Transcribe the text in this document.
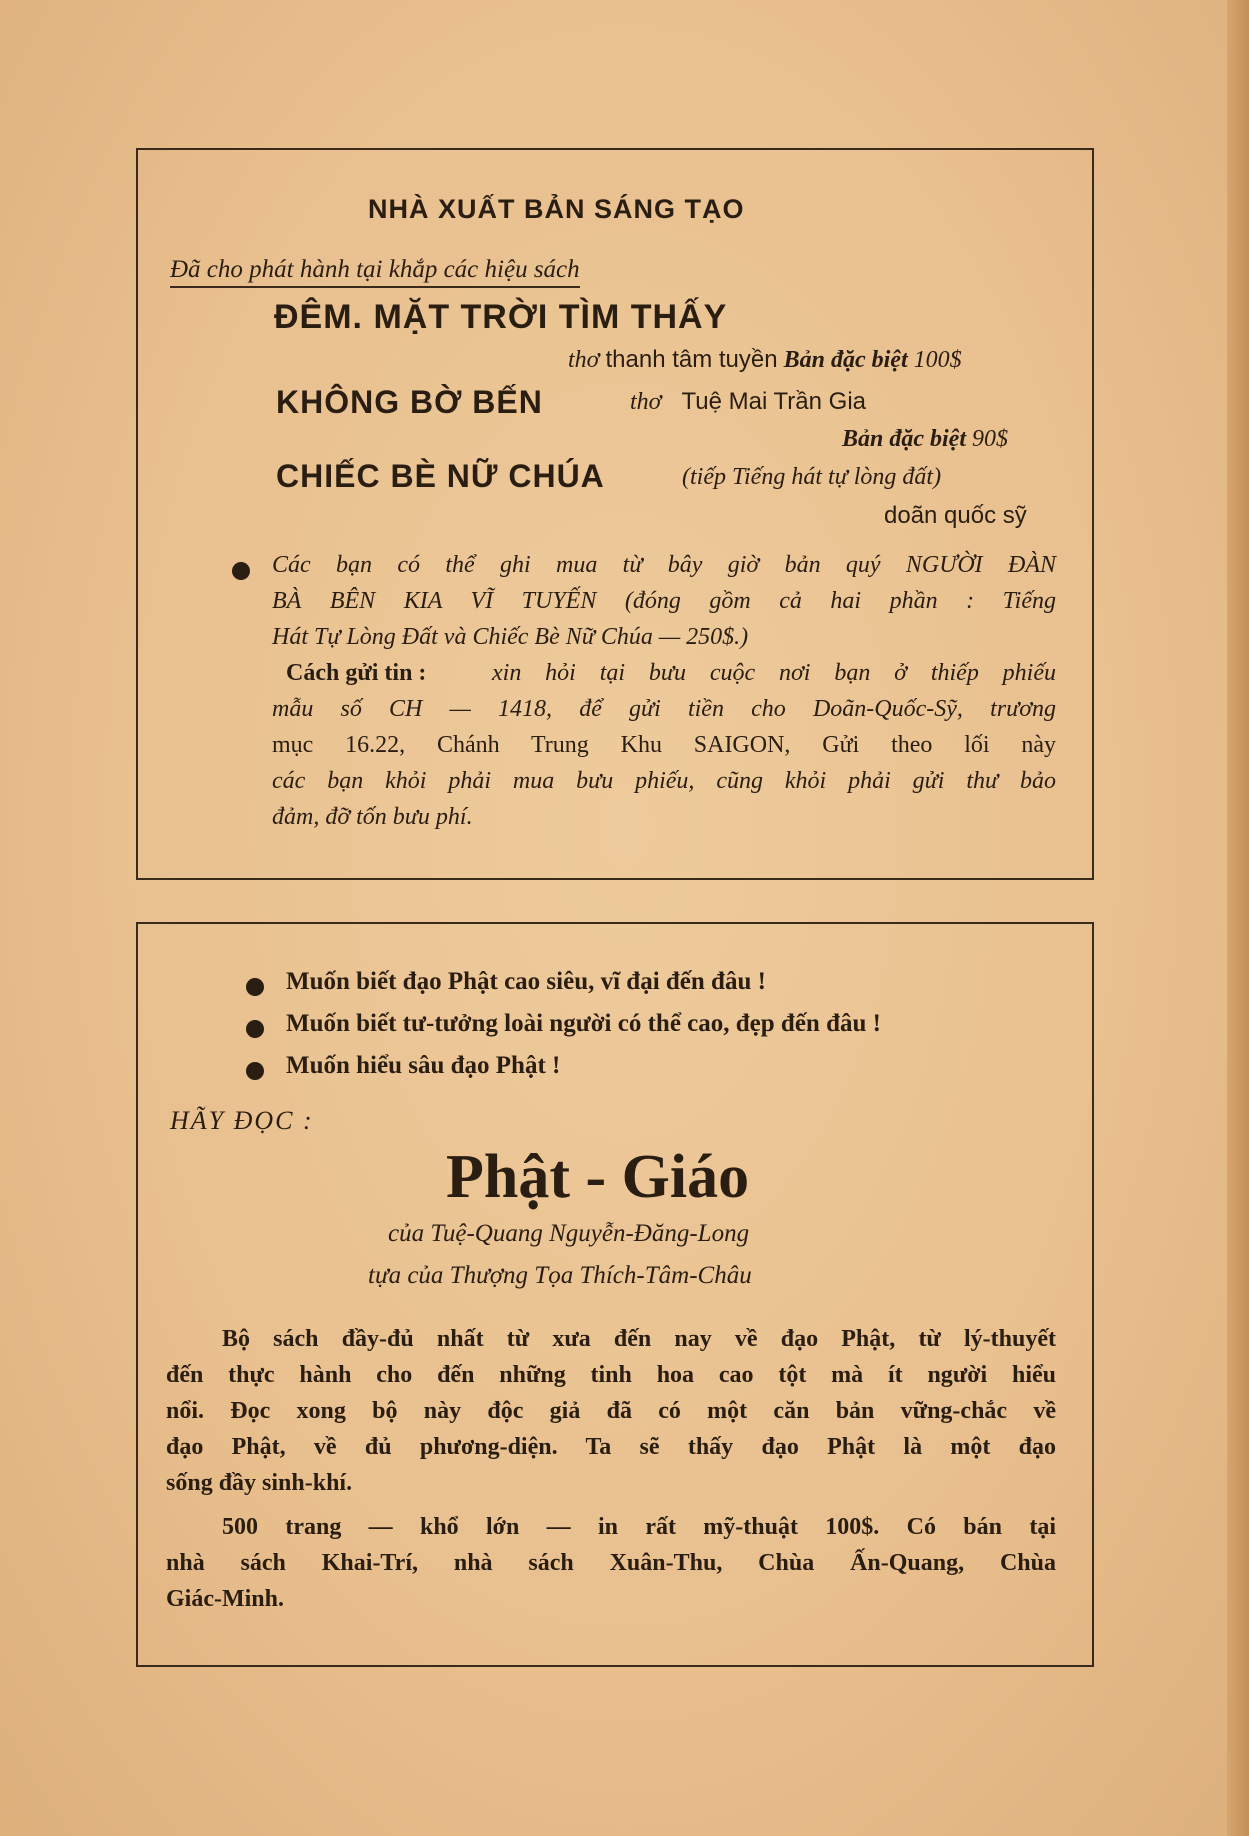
NHÀ XUẤT BẢN SÁNG TẠO
Đã cho phát hành tại khắp các hiệu sách
ĐÊM. MẶT TRỜI TÌM THẤY
thơ thanh tâm tuyền Bản đặc biệt 100$
KHÔNG BỜ BẾN	thơ Tuệ Mai Trần Gia
Bản đặc biệt 90$
CHIẾC BÈ NỮ CHÚA	(tiếp Tiếng hát tự lòng đất)
doãn quốc sỹ
Các bạn có thể ghi mua từ bây giờ bản quý NGƯỜI ĐÀN
BÀ BÊN KIA VĨ TUYẾN (đóng gồm cả hai phần : Tiếng
Hát Tự Lòng Đất và Chiếc Bè Nữ Chúa — 250$.)
Cách gửi tin :	xin hỏi tại bưu cuộc nơi bạn ở thiếp phiếu
mẫu số CH — 1418, để gửi tiền cho Doãn-Quốc-Sỹ, trương
mục 16.22, Chánh Trung Khu SAIGON, Gửi theo lối này
các bạn khỏi phải mua bưu phiếu, cũng khỏi phải gửi thư bảo
đảm, đỡ tốn bưu phí.
Muốn biết đạo Phật cao siêu, vĩ đại đến đâu !
Muốn biết tư-tưởng loài người có thể cao, đẹp đến đâu !
Muốn hiểu sâu đạo Phật !
HÃY ĐỌC :
Phật - Giáo
của Tuệ-Quang Nguyễn-Đăng-Long
tựa của Thượng Tọa Thích-Tâm-Châu
Bộ sách đầy-đủ nhất từ xưa đến nay về đạo Phật, từ lý-thuyết
đến thực hành cho đến những tinh hoa cao tột mà ít người hiểu
nổi. Đọc xong bộ này độc giả đã có một căn bản vững-chắc về
đạo Phật, về đủ phương-diện. Ta sẽ thấy đạo Phật là một đạo
sống đầy sinh-khí.
500 trang — khổ lớn — in rất mỹ-thuật 100$. Có bán tại
nhà sách Khai-Trí, nhà sách Xuân-Thu, Chùa Ấn-Quang, Chùa
Giác-Minh.
